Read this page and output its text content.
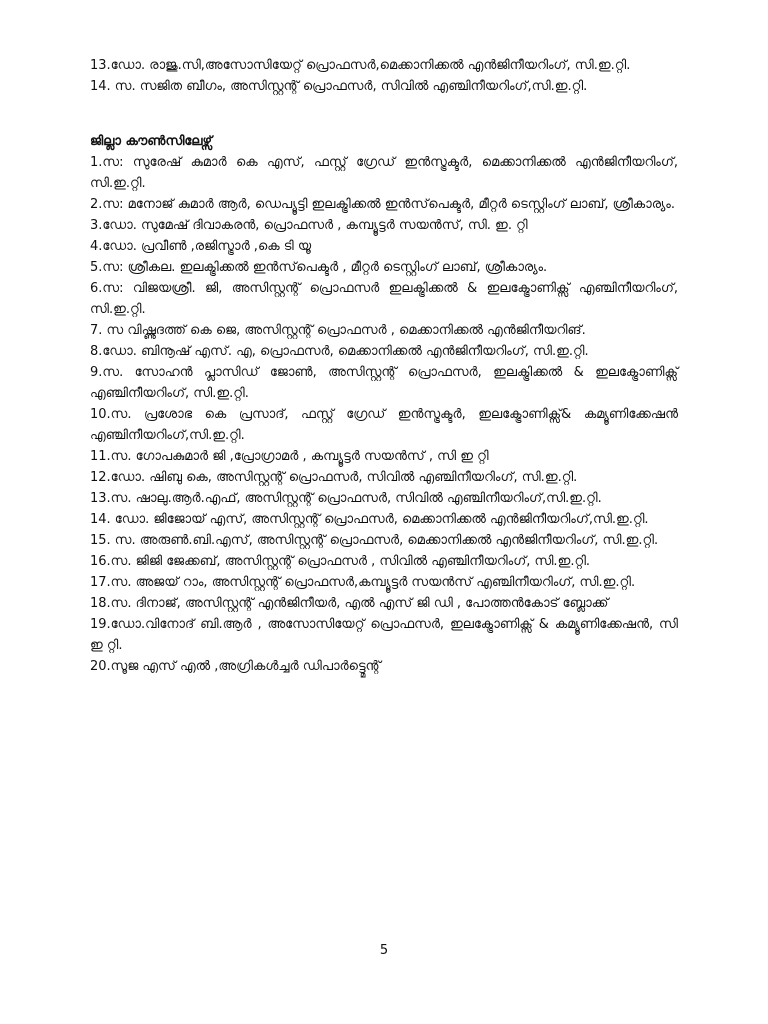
13.ഡോ. രാജു.സി,അസോസിയേറ്റ് പ്രൊഫസർ,മെക്കാനിക്കൽ എൻജിനീയറിംഗ്, സി.ഇ.റ്റി.

14. സ. സജിത ബീഗം, അസിസ്റ്റന്റ് പ്രൊഫസർ, സിവിൽ എഞ്ചിനീയറിംഗ്,സി.ഇ.റ്റി.

ജില്ലാ കൗൺസിലേഴ്സ്

1.സ: സുരേഷ് കുമാർ കെ എസ്, ഫസ്റ്റ് ഗ്രേഡ് ഇൻസ്ട്രക്ടർ, മെക്കാനിക്കൽ എൻജിനീയറിംഗ്, സി.ഇ.റ്റി.

2.സ: മനോജ് കുമാർ ആർ, ഡെപ്യൂട്ടി ഇലക്ട്രിക്കൽ ഇൻസ്‌പെക്ടർ, മീറ്റർ ടെസ്റ്റിംഗ് ലാബ്, ശ്രീകാര്യം.

3.ഡോ. സുമേഷ് ദിവാകരൻ, പ്രൊഫസർ , കമ്പ്യൂട്ടർ സയൻസ്, സി. ഇ. റ്റി

4.ഡോ. പ്രവീൺ ,രജിസ്ട്രാർ ,കെ ടി യൂ

5.സ: ശ്രീകല. ഇലക്ട്രിക്കൽ ഇൻസ്‌പെക്ടർ , മീറ്റർ ടെസ്റ്റിംഗ് ലാബ്, ശ്രീകാര്യം.

6.സ: വിജയശ്രീ. ജി, അസിസ്റ്റന്റ് പ്രൊഫസർ ഇലക്ട്രിക്കൽ & ഇലക്ട്രോണിക്സ് എഞ്ചിനീയറിംഗ്, സി.ഇ.റ്റി.

7. സ വിഷ്ണുദത്ത് കെ ജെ, അസിസ്റ്റന്റ് പ്രൊഫസർ , മെക്കാനിക്കൽ എൻജിനീയറിങ്.

8.ഡോ. ബിനൂഷ് എസ്. എ, പ്രൊഫസർ, മെക്കാനിക്കൽ എൻജിനീയറിംഗ്, സി.ഇ.റ്റി.

9.സ. സോഹൻ പ്ലാസിഡ് ജോൺ, അസിസ്റ്റന്റ് പ്രൊഫസർ, ഇലക്ട്രിക്കൽ & ഇലക്ട്രോണിക്സ് എഞ്ചിനീയറിംഗ്, സി.ഇ.റ്റി.

10.സ. പ്രശോഭ കെ പ്രസാദ്, ഫസ്റ്റ് ഗ്രേഡ് ഇൻസ്ട്രക്ടർ, ഇലക്ട്രോണിക്സ്& കമ്യൂണിക്കേഷൻ എഞ്ചിനീയറിംഗ്,സി.ഇ.റ്റി.

11.സ. ഗോപകുമാർ ജി ,പ്രോഗ്രാമർ , കമ്പ്യൂട്ടർ സയൻസ് , സി ഇ റ്റി

12.ഡോ. ഷിബു കെ, അസിസ്റ്റന്റ് പ്രൊഫസർ, സിവിൽ എഞ്ചിനീയറിംഗ്, സി.ഇ.റ്റി.

13.സ. ഷാലു.ആർ.എഫ്, അസിസ്റ്റന്റ് പ്രൊഫസർ, സിവിൽ എഞ്ചിനീയറിംഗ്,സി.ഇ.റ്റി.

14. ഡോ. ജിജോയ് എസ്, അസിസ്റ്റന്റ് പ്രൊഫസർ, മെക്കാനിക്കൽ എൻജിനീയറിംഗ്,സി.ഇ.റ്റി.

15. സ. അരുൺ.ബി.എസ്, അസിസ്റ്റന്റ് പ്രൊഫസർ, മെക്കാനിക്കൽ എൻജിനീയറിംഗ്, സി.ഇ.റ്റി.

16.സ. ജിജി ജേക്കബ്, അസിസ്റ്റന്റ് പ്രൊഫസർ , സിവിൽ എഞ്ചിനീയറിംഗ്, സി.ഇ.റ്റി.

17.സ. അജയ് റാം, അസിസ്റ്റന്റ് പ്രൊഫസർ,കമ്പ്യൂട്ടർ സയൻസ് എഞ്ചിനീയറിംഗ്, സി.ഇ.റ്റി.

18.സ. ദിനാജ്, അസിസ്റ്റന്റ് എൻജിനീയർ, എൽ എസ് ജി ഡി , പോത്തൻകോട് ബ്ലോക്ക്

19.ഡോ.വിനോദ് ബി.ആർ , അസോസിയേറ്റ് പ്രൊഫസർ, ഇലക്ട്രോണിക്സ് & കമ്യൂണിക്കേഷൻ, സി ഇ റ്റി.

20.സൂജ എസ് എൽ ,അഗ്രികൾച്ചർ ഡിപാർട്ട്മെന്റ്

5
